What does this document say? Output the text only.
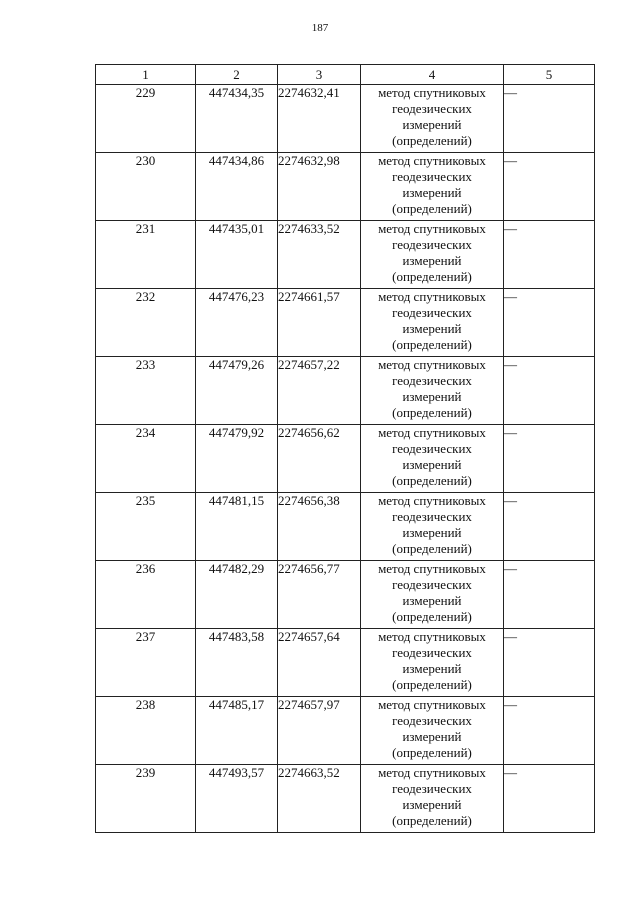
187
1	2	3	4	5
229	447434,35	2274632,41	метод спутниковых
геодезических
измерений
(определений)	—
230	447434,86	2274632,98	метод спутниковых
геодезических
измерений
(определений)	—
231	447435,01	2274633,52	метод спутниковых
геодезических
измерений
(определений)	—
232	447476,23	2274661,57	метод спутниковых
геодезических
измерений
(определений)	—
233	447479,26	2274657,22	метод спутниковых
геодезических
измерений
(определений)	—
234	447479,92	2274656,62	метод спутниковых
геодезических
измерений
(определений)	—
235	447481,15	2274656,38	метод спутниковых
геодезических
измерений
(определений)	—
236	447482,29	2274656,77	метод спутниковых
геодезических
измерений
(определений)	—
237	447483,58	2274657,64	метод спутниковых
геодезических
измерений
(определений)	—
238	447485,17	2274657,97	метод спутниковых
геодезических
измерений
(определений)	—
239	447493,57	2274663,52	метод спутниковых
геодезических
измерений
(определений)	—
